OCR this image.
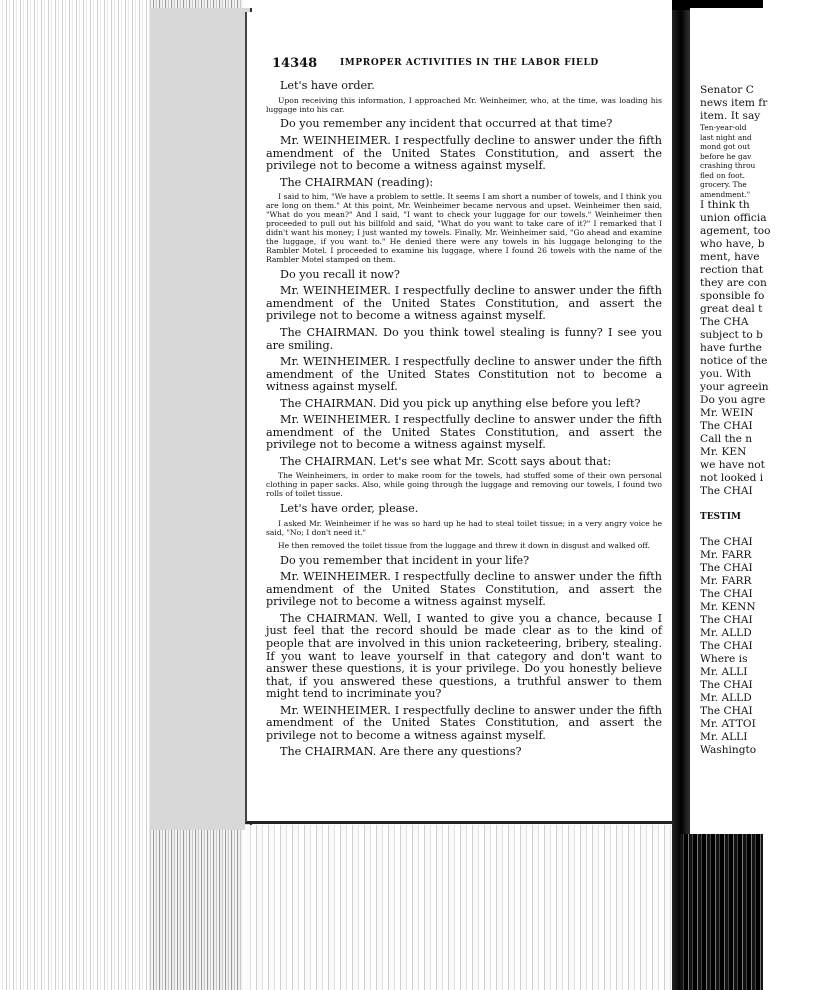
14348	IMPROPER ACTIVITIES IN THE LABOR FIELD

Let's have order.

Upon receiving this information, I approached Mr. Weinheimer, who, at the time, was loading his luggage into his car.

Do you remember any incident that occurred at that time?

Mr. WEINHEIMER. I respectfully decline to answer under the fifth amendment of the United States Constitution, and assert the privilege not to become a witness against myself.

The CHAIRMAN (reading):

I said to him, "We have a problem to settle. It seems I am short a number of towels, and I think you are long on them." At this point, Mr. Weinheimer became nervous and upset. Weinheimer then said, "What do you mean?" And I said, "I want to check your luggage for our towels." Weinheimer then proceeded to pull out his billfold and said, "What do you want to take care of it?" I remarked that I didn't want his money; I just wanted my towels. Finally, Mr. Weinheimer said, "Go ahead and examine the luggage, if you want to." He denied there were any towels in his luggage belonging to the Rambler Motel. I proceeded to examine his luggage, where I found 26 towels with the name of the Rambler Motel stamped on them.

Do you recall it now?

Mr. WEINHEIMER. I respectfully decline to answer under the fifth amendment of the United States Constitution, and assert the privilege not to become a witness against myself.

The CHAIRMAN. Do you think towel stealing is funny? I see you are smiling.

Mr. WEINHEIMER. I respectfully decline to answer under the fifth amendment of the United States Constitution not to become a witness against myself.

The CHAIRMAN. Did you pick up anything else before you left?

Mr. WEINHEIMER. I respectfully decline to answer under the fifth amendment of the United States Constitution, and assert the privilege not to become a witness against myself.

The CHAIRMAN. Let's see what Mr. Scott says about that:

The Weinheimers, in order to make room for the towels, had stuffed some of their own personal clothing in paper sacks. Also, while going through the luggage and removing our towels, I found two rolls of toilet tissue.

Let's have order, please.

I asked Mr. Weinheimer if he was so hard up he had to steal toilet tissue; in a very angry voice he said, "No; I don't need it."

He then removed the toilet tissue from the luggage and threw it down in disgust and walked off.

Do you remember that incident in your life?

Mr. WEINHEIMER. I respectfully decline to answer under the fifth amendment of the United States Constitution, and assert the privilege not to become a witness against myself.

The CHAIRMAN. Well, I wanted to give you a chance, because I just feel that the record should be made clear as to the kind of people that are involved in this union racketeering, bribery, stealing. If you want to leave yourself in that category and don't want to answer these questions, it is your privilege. Do you honestly believe that, if you answered these questions, a truthful answer to them might tend to incriminate you?

Mr. WEINHEIMER. I respectfully decline to answer under the fifth amendment of the United States Constitution, and assert the privilege not to become a witness against myself.

The CHAIRMAN. Are there any questions?

Senator C
news item fr
item. It say
Ten-year-old
last night and
mond got out
before he gav
crashing throu
fled on foot.
grocery. The
amendment."
I think th
union officia
agement, too
who have, b
ment, have
rection that
they are con
sponsible fo
great deal t
The CHA
subject to b
have furthe
notice of the
you. With
your agreein
Do you agre
Mr. WEIN
The CHAI
Call the n
Mr. KEN
we have not
not looked i
The CHAI
TESTIM
The CHAI
Mr. FARR
The CHAI
Mr. FARR
The CHAI
Mr. KENN
The CHAI
Mr. ALLD
The CHAI
Where is
Mr. ALLI
The CHAI
Mr. ALLD
The CHAI
Mr. ATTOI
Mr. ALLI
Washingto
